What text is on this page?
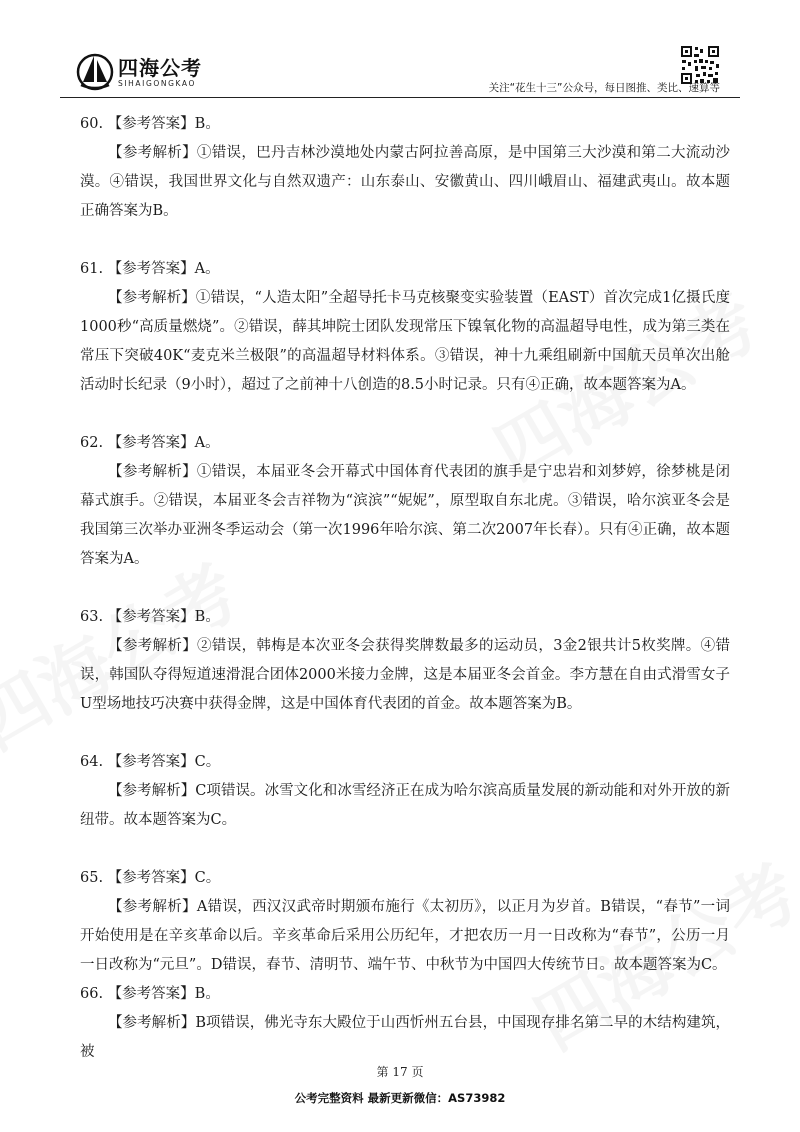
四海公考
SIHAIGONGKAO	关注“花生十三”公众号，每日图推、类比、速算等

60. 【参考答案】B。

【参考解析】①错误，巴丹吉林沙漠地处内蒙古阿拉善高原，是中国第三大沙漠和第二大流动沙漠。④错误，我国世界文化与自然双遗产：山东泰山、安徽黄山、四川峨眉山、福建武夷山。故本题正确答案为B。

61. 【参考答案】A。

【参考解析】①错误，“人造太阳”全超导托卡马克核聚变实验装置（EAST）首次完成1亿摄氏度1000秒“高质量燃烧”。②错误，薛其坤院士团队发现常压下镍氧化物的高温超导电性，成为第三类在常压下突破40K“麦克米兰极限”的高温超导材料体系。③错误，神十九乘组刷新中国航天员单次出舱活动时长纪录（9小时），超过了之前神十八创造的8.5小时记录。只有④正确，故本题答案为A。

62. 【参考答案】A。

【参考解析】①错误，本届亚冬会开幕式中国体育代表团的旗手是宁忠岩和刘梦婷，徐梦桃是闭幕式旗手。②错误，本届亚冬会吉祥物为“滨滨”“妮妮”，原型取自东北虎。③错误，哈尔滨亚冬会是我国第三次举办亚洲冬季运动会（第一次1996年哈尔滨、第二次2007年长春）。只有④正确，故本题答案为A。

63. 【参考答案】B。

【参考解析】②错误，韩梅是本次亚冬会获得奖牌数最多的运动员，3金2银共计5枚奖牌。④错误，韩国队夺得短道速滑混合团体2000米接力金牌，这是本届亚冬会首金。李方慧在自由式滑雪女子U型场地技巧决赛中获得金牌，这是中国体育代表团的首金。故本题答案为B。

64. 【参考答案】C。

【参考解析】C项错误。冰雪文化和冰雪经济正在成为哈尔滨高质量发展的新动能和对外开放的新纽带。故本题答案为C。

65. 【参考答案】C。

【参考解析】A错误，西汉汉武帝时期颁布施行《太初历》，以正月为岁首。B错误，“春节”一词开始使用是在辛亥革命以后。辛亥革命后采用公历纪年，才把农历一月一日改称为“春节”，公历一月一日改称为“元旦”。D错误，春节、清明节、端午节、中秋节为中国四大传统节日。故本题答案为C。

66. 【参考答案】B。

【参考解析】B项错误，佛光寺东大殿位于山西忻州五台县，中国现存排名第二早的木结构建筑，被

第 17 页
公考完整资料 最新更新微信：AS73982
